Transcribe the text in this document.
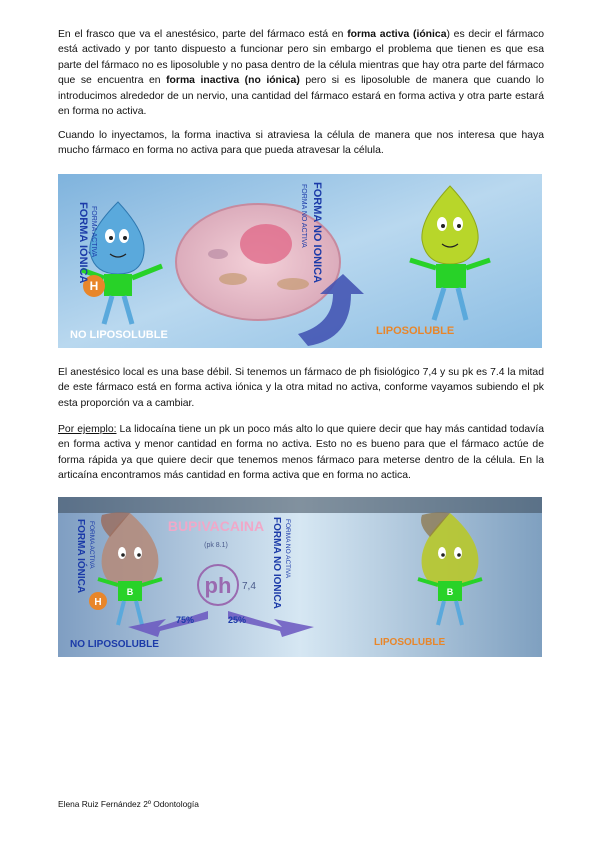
En el frasco que va el anestésico, parte del fármaco está en forma activa (iónica) es decir el fármaco está activado y por tanto dispuesto a funcionar pero sin embargo el problema que tienen es que esa parte del fármaco no es liposoluble y no pasa dentro de la célula mientras que hay otra parte del fármaco que se encuentra en forma inactiva (no iónica) pero si es liposoluble de manera que cuando lo introducimos alrededor de un nervio, una cantidad del fármaco estará en forma activa y otra parte estará en forma no activa.

Cuando lo inyectamos, la forma inactiva si atraviesa la célula de manera que nos interesa que haya mucho fármaco en forma no activa para que pueda atravesar la célula.

H
FORMA IÓNICA FORMA ACTIVA	FORMA NO ACTIVA FORMA NO IONICA
NO LIPOSOLUBLE	LIPOSOLUBLE

El anestésico local es una base débil. Si tenemos un fármaco de ph fisiológico 7,4 y su pk es 7.4 la mitad de este fármaco está en forma activa iónica y la otra mitad no activa, conforme vayamos subiendo el pk esta proporción va a cambiar.

Por ejemplo: La lidocaína tiene un pk un poco más alto lo que quiere decir que hay más cantidad todavía en forma activa y menor cantidad en forma no activa. Esto no es bueno para que el fármaco actúe de forma rápida ya que quiere decir que tenemos menos fármaco para meterse dentro de la célula. En la articaína encontramos más cantidad en forma activa que en forma no actica.

H
B	B
FORMA IÓNICA FORMA ACTIVA	FORMA NO IONICA FORMA NO ACTIVA
BUPIVACAINA
(pk 8.1)
ph 7,4
75%	25%
NO LIPOSOLUBLE	LIPOSOLUBLE
Elena Ruiz Fernández 2º Odontología
